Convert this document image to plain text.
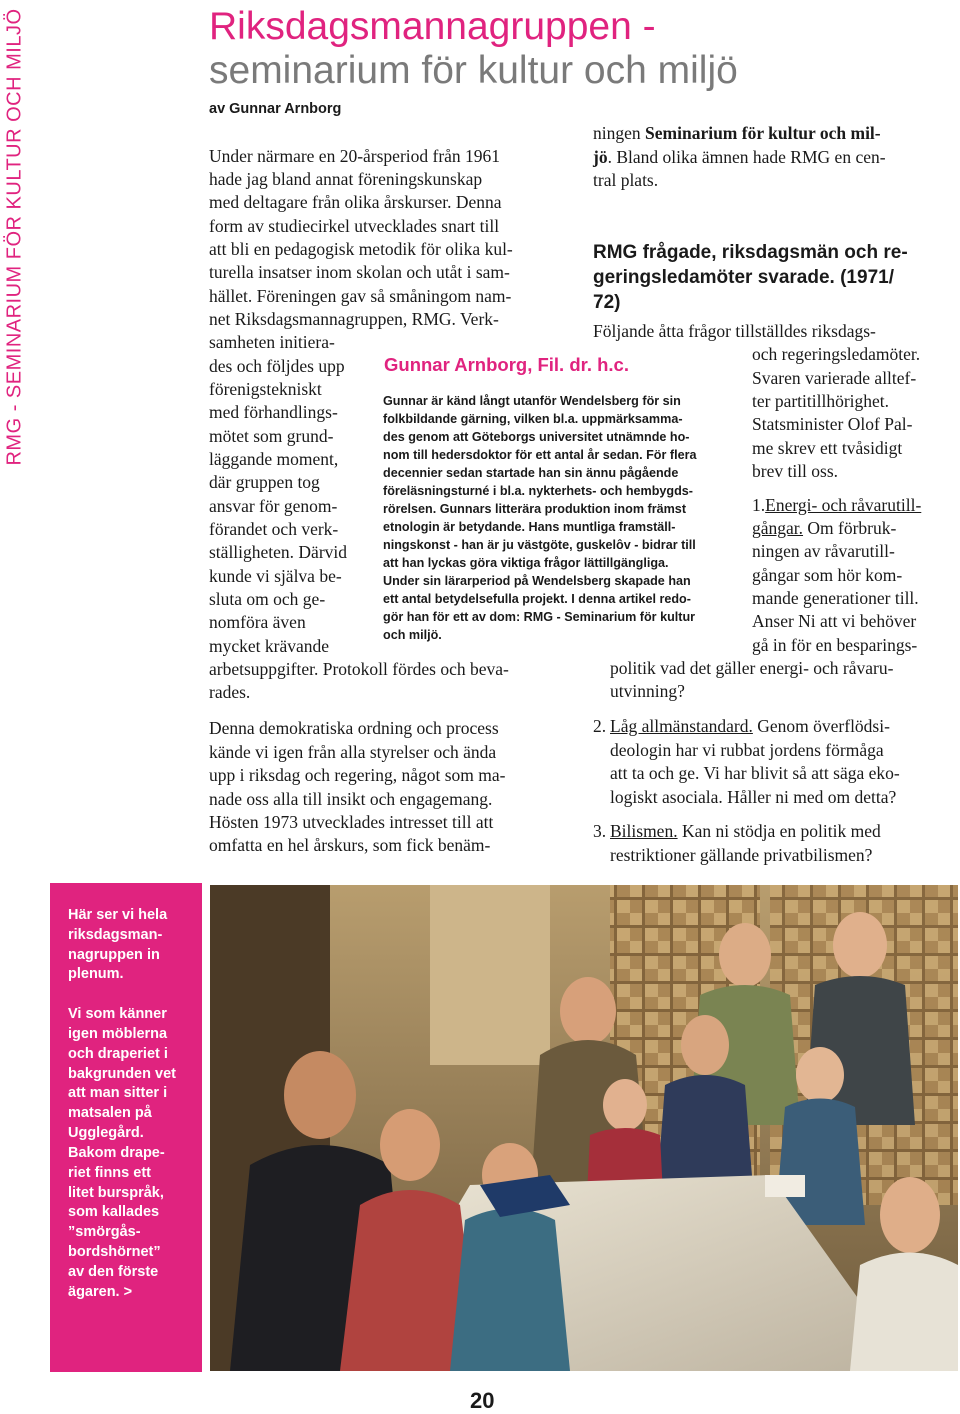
RMG - SEMINARIUM FÖR KULTUR OCH MILJÖ	Riksdagsmannagruppen -
seminarium för kultur och miljö
av Gunnar Arnborg
Under närmare en 20-årsperiod från 1961
hade jag bland annat föreningskunskap
med deltagare från olika årskurser. Denna
form av studiecirkel utvecklades snart till
att bli en pedagogisk metodik för olika kul-
turella insatser inom skolan och utåt i sam-
hället. Föreningen gav så småningom nam-
net Riksdagsmannagruppen, RMG. Verk-
samheten initiera-
des och följdes upp
förenigstekniskt
med förhandlings-
mötet som grund-
läggande moment,
där gruppen tog
ansvar för genom-
förandet och verk-
ställigheten. Därvid
kunde vi själva be-
sluta om och ge-
nomföra även
mycket krävande
arbetsuppgifter. Protokoll fördes och beva-
rades.
Denna demokratiska ordning och process
kände vi igen från alla styrelser och ända
upp i riksdag och regering, något som ma-
nade oss alla till insikt och engagemang.
Hösten 1973 utvecklades intresset till att
omfatta en hel årskurs, som fick benäm-
ningen Seminarium för kultur och mil-
jö. Bland olika ämnen hade RMG en cen-
tral plats.
RMG frågade, riksdagsmän och re-
geringsledamöter svarade. (1971/
72)
Följande åtta frågor tillställdes riksdags-
och regeringsledamöter.
Svaren varierade alltef-
ter partitillhörighet.
Statsminister Olof Pal-
me skrev ett tvåsidigt
brev till oss.
1.Energi- och råvarutill-
gångar. Om förbruk-
ningen av råvarutill-
gångar som hör kom-
mande generationer till.
Anser Ni att vi behöver
gå in för en besparings-
politik vad det gäller energi- och råvaru-
utvinning?
2. Låg allmänstandard. Genom överflödsi-
deologin har vi rubbat jordens förmåga
att ta och ge. Vi har blivit så att säga eko-
logiskt asociala. Håller ni med om detta?
3. Bilismen. Kan ni stödja en politik med
restriktioner gällande privatbilismen?
Gunnar Arnborg, Fil. dr. h.c.
Gunnar är känd långt utanför Wendelsberg för sin
folkbildande gärning, vilken bl.a. uppmärksamma-
des genom att Göteborgs universitet utnämnde ho-
nom till hedersdoktor för ett antal år sedan. För flera
decennier sedan startade han sin ännu pågående
föreläsningsturné i bl.a. nykterhets- och hembygds-
rörelsen. Gunnars litterära produktion inom främst
etnologin är betydande. Hans muntliga framställ-
ningskonst - han är ju västgöte, guskelôv - bidrar till
att han lyckas göra viktiga frågor lättillgängliga.
Under sin lärarperiod på Wendelsberg skapade han
ett antal betydelsefulla projekt. I denna artikel redo-
gör han för ett av dom: RMG - Seminarium för kultur
och miljö.
Här ser vi hela
riksdagsman-
nagruppen in
plenum.
Vi som känner
igen möblerna
och draperiet i
bakgrunden vet
att man sitter i
matsalen på
Ugglegård.
Bakom drape-
riet finns ett
litet burspråk,
som kallades
”smörgås-
bordshörnet”
av den förste
ägaren. >
20
